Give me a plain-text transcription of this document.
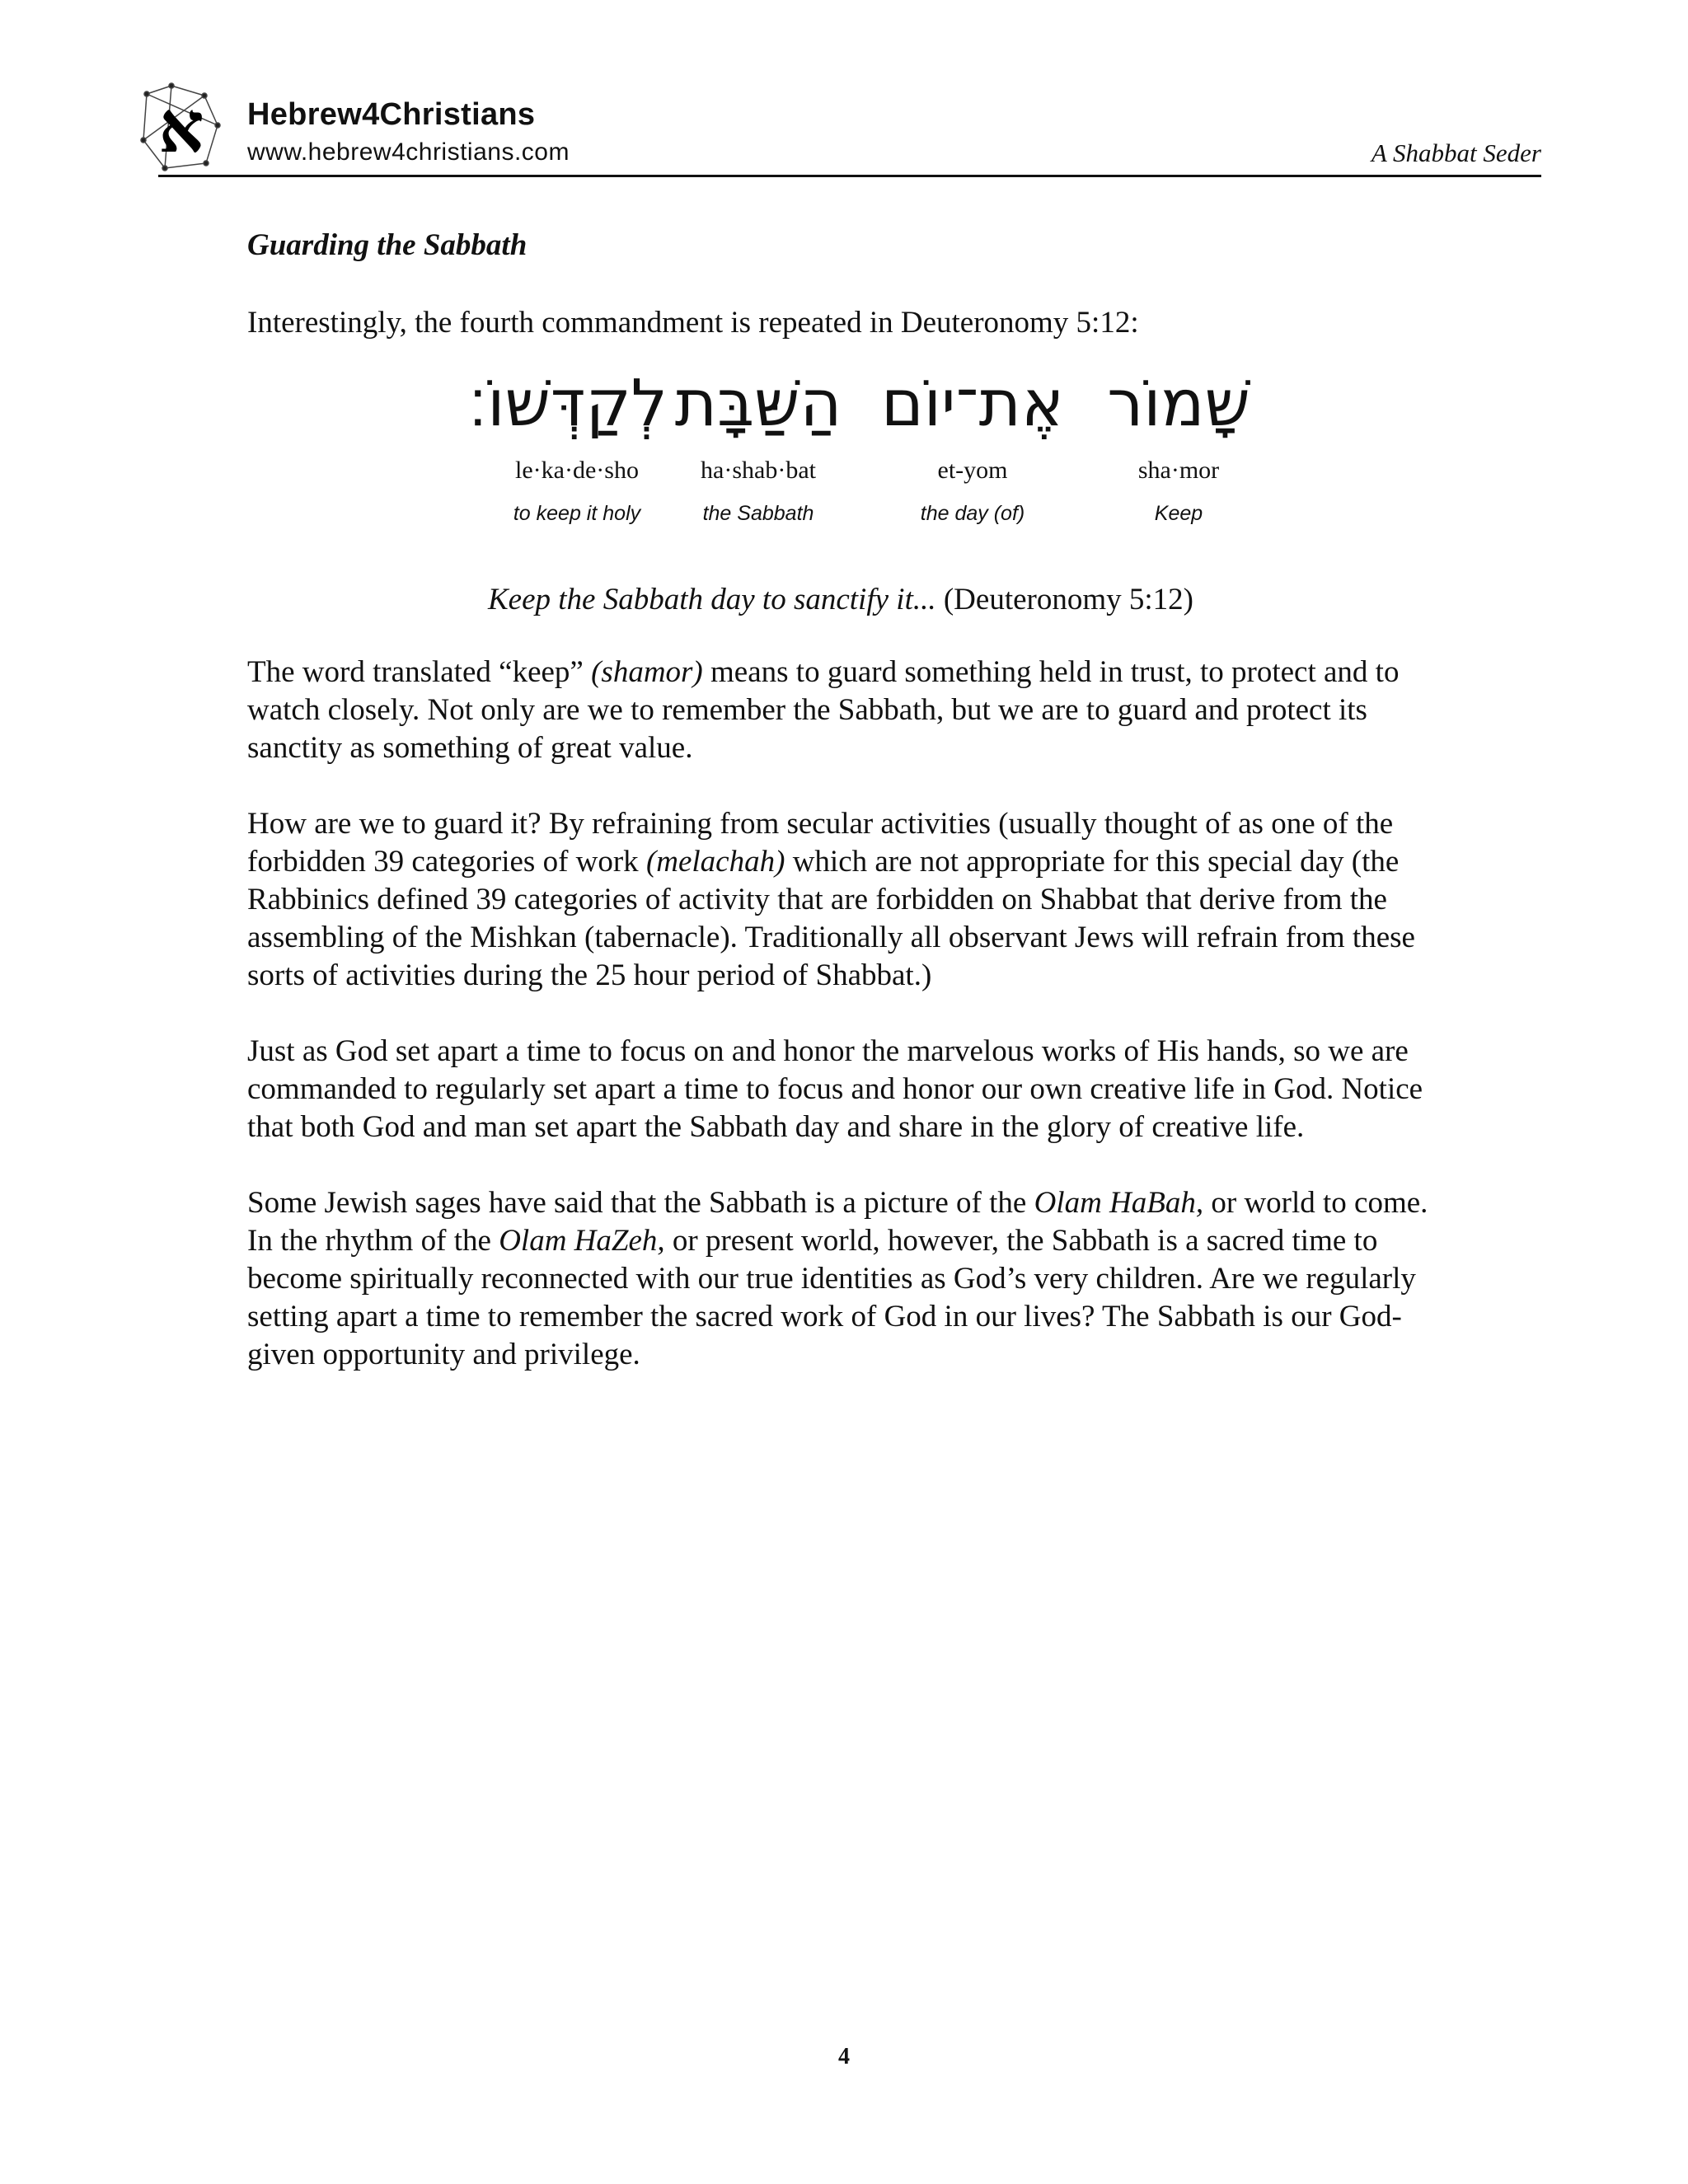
א Hebrew4Christians
www.hebrew4christians.com	A Shabbat Seder

Guarding the Sabbath

Interestingly, the fourth commandment is repeated in Deuteronomy 5:12:

שָׁמוֹר
sha·mor
Keep
אֶת־יוֹם
et-yom
the day (of)
הַשַּׁבָּת
ha·shab·bat
the Sabbath
לְקַדְּשׁוֹ׃
le·ka·de·sho
to keep it holy

Keep the Sabbath day to sanctify it... (Deuteronomy 5:12)

The word translated “keep” (shamor) means to guard something held in trust, to protect and to watch closely. Not only are we to remember the Sabbath, but we are to guard and protect its sanctity as something of great value.

How are we to guard it? By refraining from secular activities (usually thought of as one of the forbidden 39 categories of work (melachah) which are not appropriate for this special day (the Rabbinics defined 39 categories of activity that are forbidden on Shabbat that derive from the assembling of the Mishkan (tabernacle). Traditionally all observant Jews will refrain from these sorts of activities during the 25 hour period of Shabbat.)

Just as God set apart a time to focus on and honor the marvelous works of His hands, so we are commanded to regularly set apart a time to focus and honor our own creative life in God. Notice that both God and man set apart the Sabbath day and share in the glory of creative life.

Some Jewish sages have said that the Sabbath is a picture of the Olam HaBah, or world to come. In the rhythm of the Olam HaZeh, or present world, however, the Sabbath is a sacred time to become spiritually reconnected with our true identities as God’s very children. Are we regularly setting apart a time to remember the sacred work of God in our lives? The Sabbath is our God-given opportunity and privilege.

4
